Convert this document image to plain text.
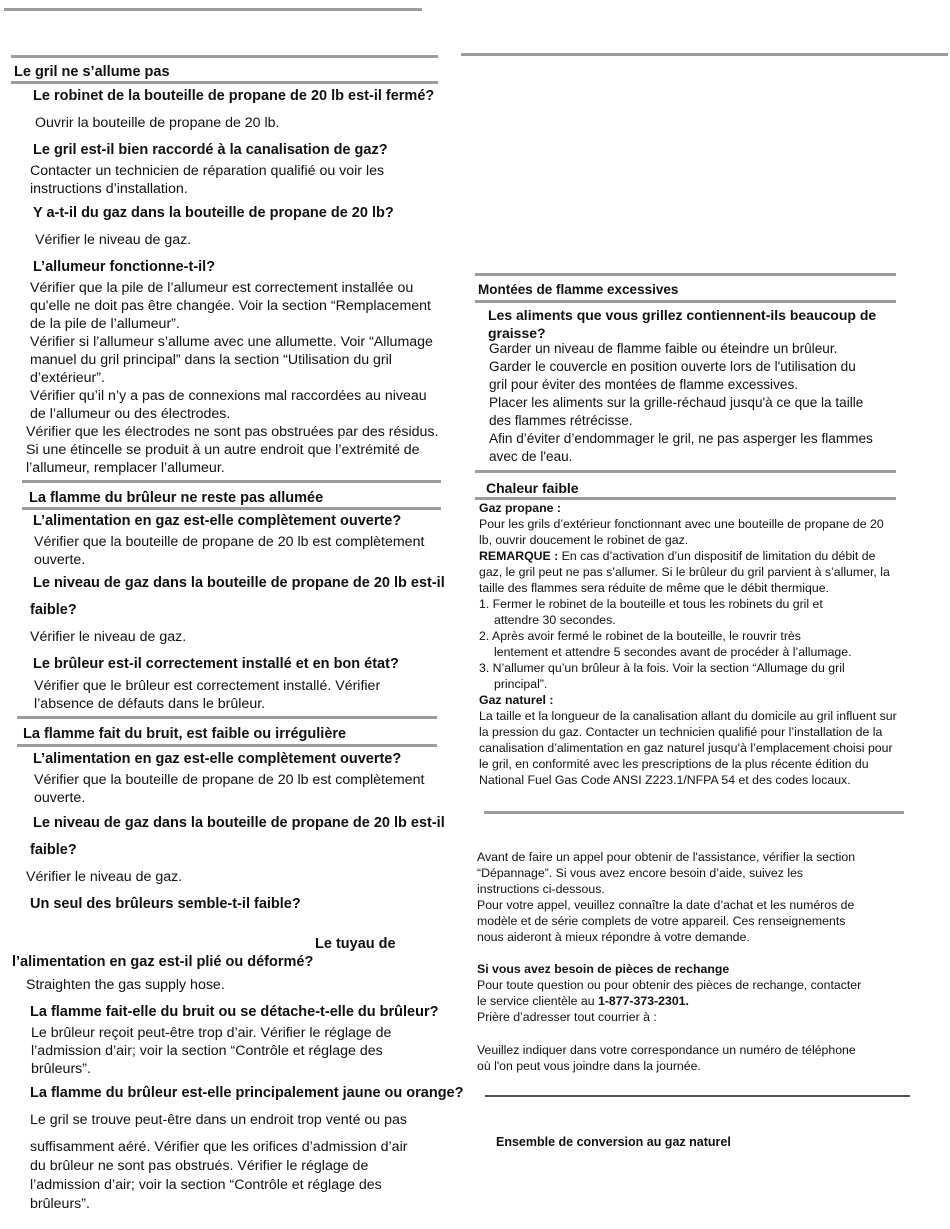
Le gril ne s’allume pas
Le robinet de la bouteille de propane de 20 lb est-il fermé?
Ouvrir la bouteille de propane de 20 lb.
Le gril est-il bien raccordé à la canalisation de gaz?
Contacter un technicien de réparation qualifié ou voir les
instructions d’installation.
Y a-t-il du gaz dans la bouteille de propane de 20 lb?
Vérifier le niveau de gaz.
L’allumeur fonctionne-t-il?
Vérifier que la pile de l’allumeur est correctement installée ou
qu'elle ne doit pas être changée. Voir la section “Remplacement
de la pile de l’allumeur”.
Vérifier si l’allumeur s’allume avec une allumette. Voir “Allumage
manuel du gril principal” dans la section “Utilisation du gril
d’extérieur”.
Vérifier qu’il n’y a pas de connexions mal raccordées au niveau
de l’allumeur ou des électrodes.
Vérifier que les électrodes ne sont pas obstruées par des résidus.
Si une étincelle se produit à un autre endroit que l’extrémité de
l’allumeur, remplacer l’allumeur.
La flamme du brûleur ne reste pas allumée
L’alimentation en gaz est-elle complètement ouverte?
Vérifier que la bouteille de propane de 20 lb est complètement
ouverte.
Le niveau de gaz dans la bouteille de propane de 20 lb est-il
faible?
Vérifier le niveau de gaz.
Le brûleur est-il correctement installé et en bon état?
Vérifier que le brûleur est correctement installé. Vérifier
l’absence de défauts dans le brûleur.
La flamme fait du bruit, est faible ou irrégulière
L’alimentation en gaz est-elle complètement ouverte?
Vérifier que la bouteille de propane de 20 lb est complètement
ouverte.
Le niveau de gaz dans la bouteille de propane de 20 lb est-il
faible?
Vérifier le niveau de gaz.
Un seul des brûleurs semble-t-il faible?
Le tuyau de
l’alimentation en gaz est-il plié ou déformé?
Straighten the gas supply hose.
La flamme fait-elle du bruit ou se détache-t-elle du brûleur?
Le brûleur reçoit peut-être trop d’air. Vérifier le réglage de
l’admission d’air; voir la section “Contrôle et réglage des
brûleurs”.
La flamme du brûleur est-elle principalement jaune ou orange?
Le gril se trouve peut-être dans un endroit trop venté ou pas
suffisamment aéré. Vérifier que les orifices d’admission d’air
du brûleur ne sont pas obstrués. Vérifier le réglage de
l’admission d’air; voir la section “Contrôle et réglage des
brûleurs”.
Montées de flamme excessives
Les aliments que vous grillez contiennent-ils beaucoup de
graisse?
Garder un niveau de flamme faible ou éteindre un brûleur.
Garder le couvercle en position ouverte lors de l'utilisation du
gril pour éviter des montées de flamme excessives.
Placer les aliments sur la grille-réchaud jusqu'à ce que la taille
des flammes rétrécisse.
Afin d’éviter d’endommager le gril, ne pas asperger les flammes
avec de l'eau.
Chaleur faible
Gaz propane :
Pour les grils d’extérieur fonctionnant avec une bouteille de propane de 20
lb, ouvrir doucement le robinet de gaz.
REMARQUE : En cas d’activation d’un dispositif de limitation du débit de
gaz, le gril peut ne pas s’allumer. Si le brûleur du gril parvient à s’allumer, la
taille des flammes sera réduite de même que le débit thermique.
1. Fermer le robinet de la bouteille et tous les robinets du gril et
attendre 30 secondes.
2. Après avoir fermé le robinet de la bouteille, le rouvrir très
lentement et attendre 5 secondes avant de procéder à l’allumage.
3. N’allumer qu’un brûleur à la fois. Voir la section “Allumage du gril
principal”.
Gaz naturel :
La taille et la longueur de la canalisation allant du domicile au gril influent sur
la pression du gaz. Contacter un technicien qualifié pour l’installation de la
canalisation d’alimentation en gaz naturel jusqu’à l’emplacement choisi pour
le gril, en conformité avec les prescriptions de la plus récente édition du
National Fuel Gas Code ANSI Z223.1/NFPA 54 et des codes locaux.
Avant de faire un appel pour obtenir de l'assistance, vérifier la section
“Dépannage”. Si vous avez encore besoin d’aide, suivez les
instructions ci-dessous.
Pour votre appel, veuillez connaître la date d’achat et les numéros de
modèle et de série complets de votre appareil. Ces renseignements
nous aideront à mieux répondre à votre demande.
Si vous avez besoin de pièces de rechange
Pour toute question ou pour obtenir des pièces de rechange, contacter
le service clientèle au 1-877-373-2301.
Prière d’adresser tout courrier à :
Veuillez indiquer dans votre correspondance un numéro de téléphone
où l'on peut vous joindre dans la journée.
Ensemble de conversion au gaz naturel
